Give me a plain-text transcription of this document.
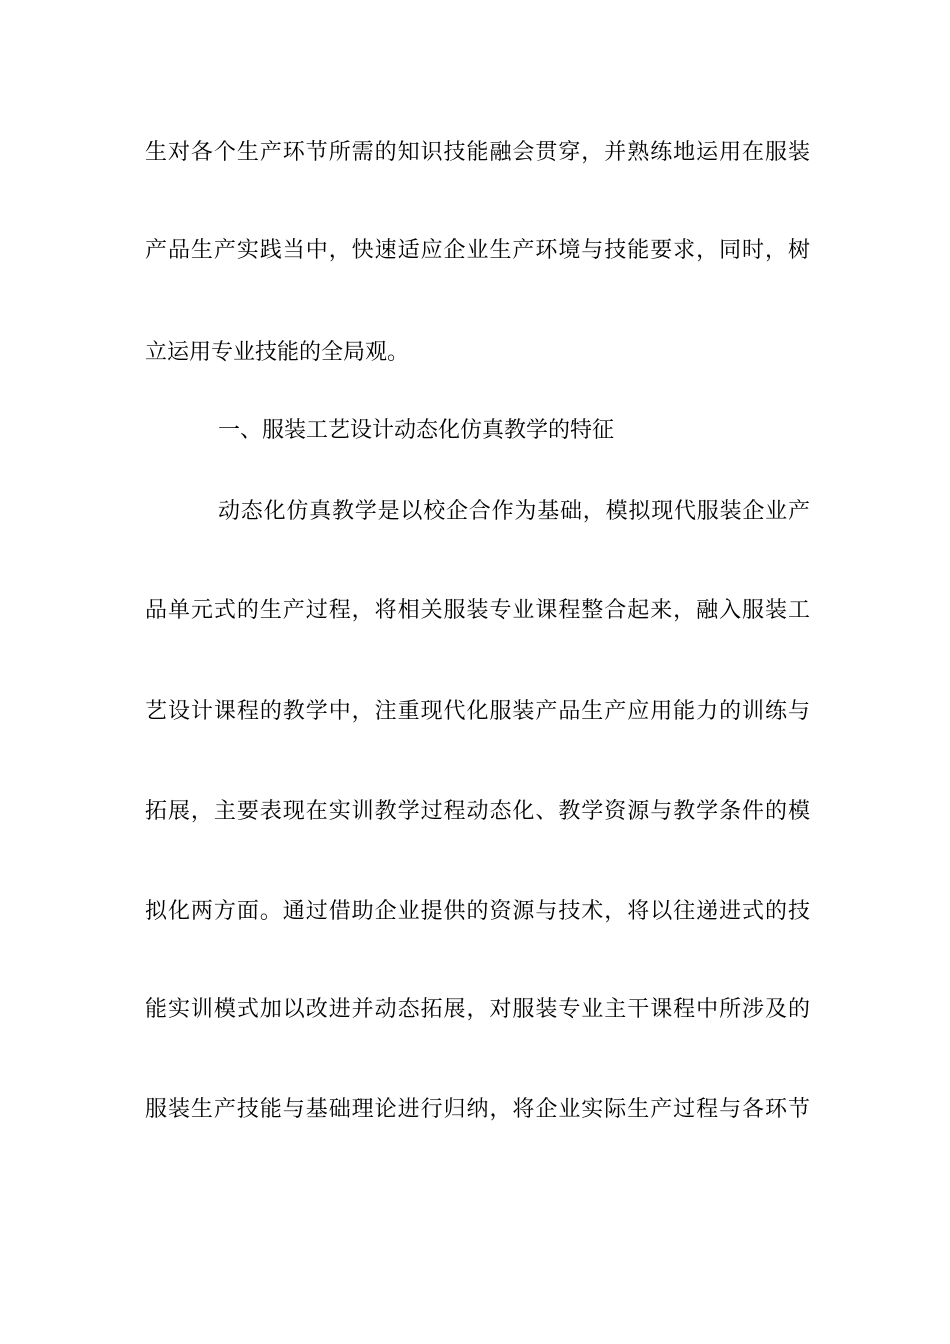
生对各个生产环节所需的知识技能融会贯穿，并熟练地运用在服装
产品生产实践当中，快速适应企业生产环境与技能要求，同时，树
立运用专业技能的全局观。
一、服装工艺设计动态化仿真教学的特征
动态化仿真教学是以校企合作为基础，模拟现代服装企业产
品单元式的生产过程，将相关服装专业课程整合起来，融入服装工
艺设计课程的教学中，注重现代化服装产品生产应用能力的训练与
拓展，主要表现在实训教学过程动态化、教学资源与教学条件的模
拟化两方面。通过借助企业提供的资源与技术，将以往递进式的技
能实训模式加以改进并动态拓展，对服装专业主干课程中所涉及的
服装生产技能与基础理论进行归纳，将企业实际生产过程与各环节
